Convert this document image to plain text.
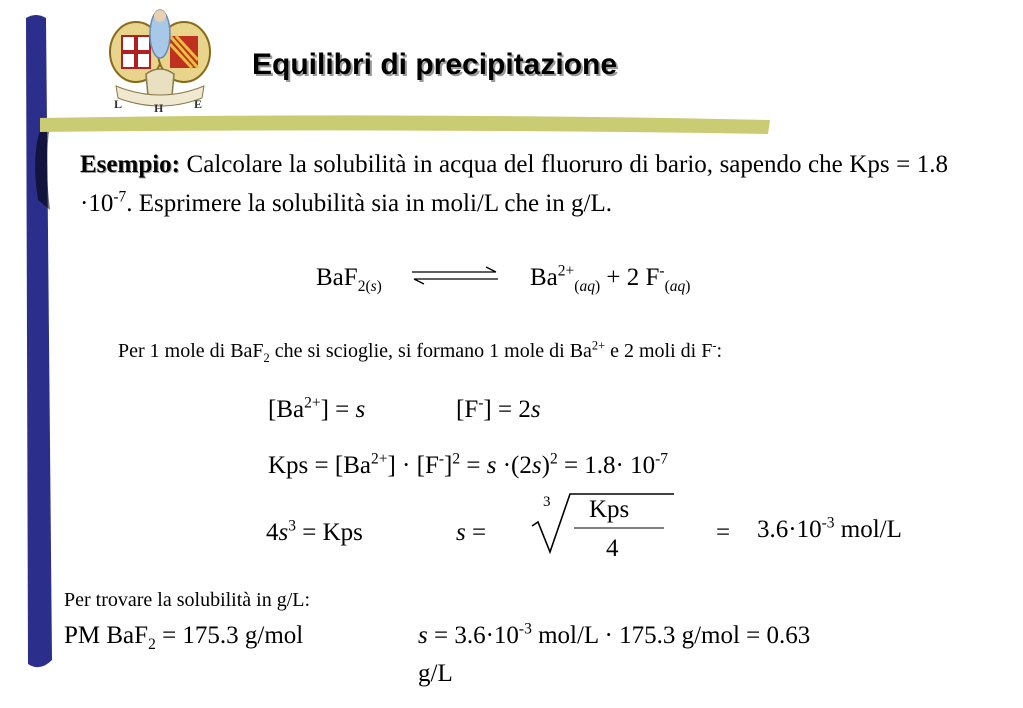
L	H	E
Equilibri di precipitazione
Esempio: Calcolare la solubilità in acqua del fluoruro di bario, sapendo che Kps = $1.8 \cdot 10^{-7}$. Esprimere la solubilità sia in moli/L che in g/L.
BaF$_{2(s)}$	$Ba^{2+}_{(aq)} + 2$ $F^-_{(aq)}$
Per 1 mole di BaF$_2$ che si scioglie, si formano 1 mole di $Ba^{2+}$ e 2 moli di F-:
$[Ba^{2+}] = s$	[F-] = 2s
Kps = $[Ba^{2+}] \cdot [F^-]^2 = s \cdot(2s)^2 = 1.8\cdot 10^{-7}$
$4s^3$ = Kps	s =
3 Kps
4
= $3.6\cdot 10^{-3}$ mol/L
Per trovare la solubilità in g/L:
PM BaF$_2$ = 175.3 g/mol	$s = 3.6\cdot 10^{-3}$ mol/L · 175.3 g/mol = 0.63
g/L
